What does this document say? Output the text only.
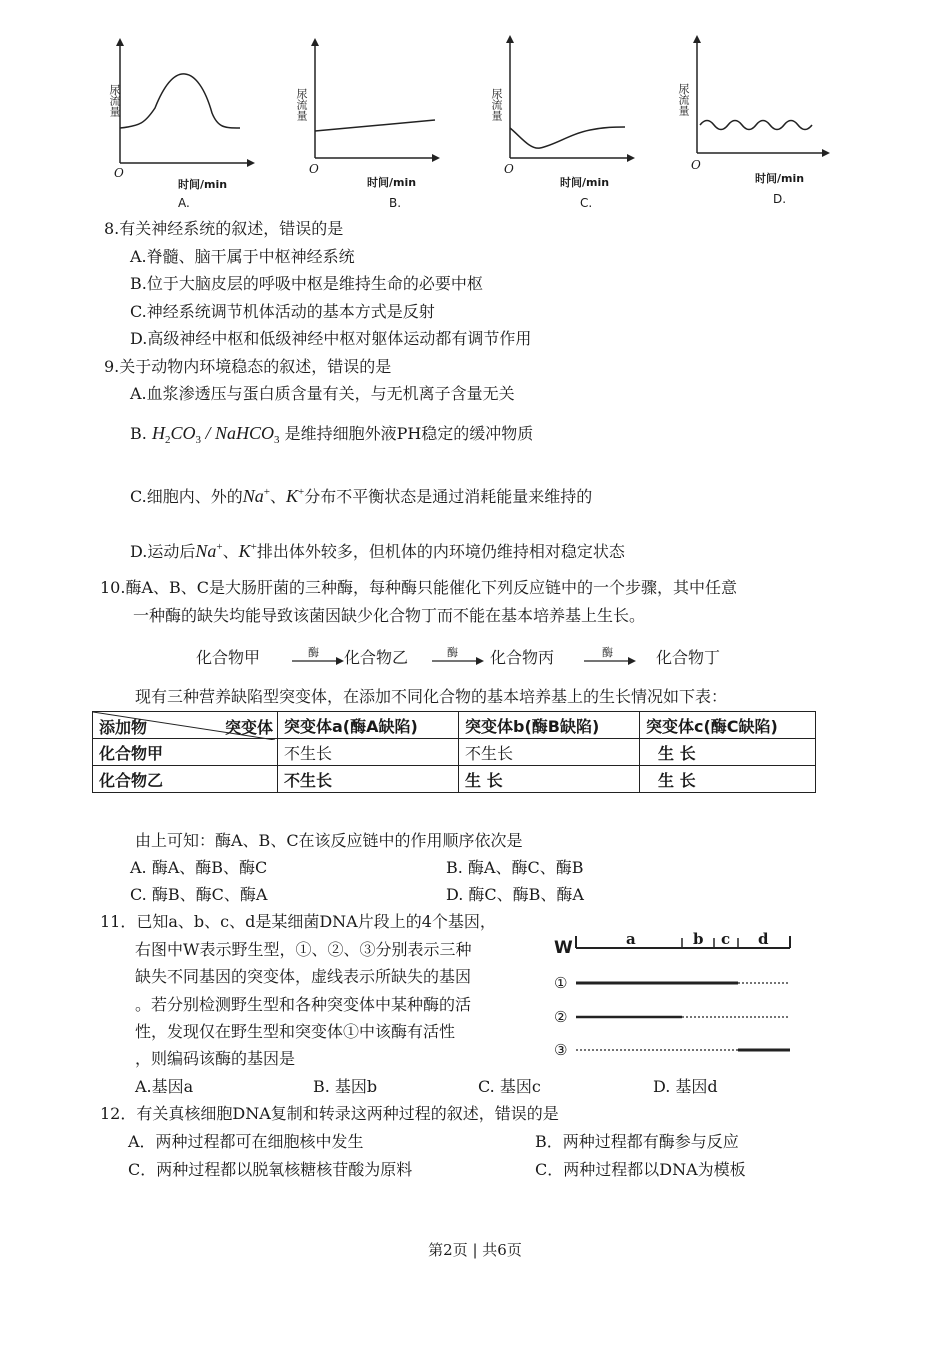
尿流量
O
时间/min
A.
尿流量
O
时间/min
B.
尿流量
O
时间/min
C.
尿流量
O
时间/min
D.
8.有关神经系统的叙述，错误的是
A.脊髓、脑干属于中枢神经系统
B.位于大脑皮层的呼吸中枢是维持生命的必要中枢
C.神经系统调节机体活动的基本方式是反射
D.高级神经中枢和低级神经中枢对躯体运动都有调节作用
9.关于动物内环境稳态的叙述，错误的是
A.血浆渗透压与蛋白质含量有关，与无机离子含量无关
B. $H_2CO_3$ / NaHCO$_3$ 是维持细胞外液PH稳定的缓冲物质
C.细胞内、外的Na+、K+分布不平衡状态是通过消耗能量来维持的
D.运动后Na+、K+排出体外较多，但机体的内环境仍维持相对稳定状态
10.酶A、B、C是大肠肝菌的三种酶，每种酶只能催化下列反应链中的一个步骤，其中任意
一种酶的缺失均能导致该菌因缺少化合物丁而不能在基本培养基上生长。
化合物甲	化合物乙	化合物丙	化合物丁
酶	酶	酶
现有三种营养缺陷型突变体，在添加不同化合物的基本培养基上的生长情况如下表：
添加物 突变体	突变体a(酶A缺陷)	突变体b(酶B缺陷)	突变体c(酶C缺陷)
化合物甲	不生长	不生长	生 长
化合物乙	不生长	生 长	生 长
由上可知：酶A、B、C在该反应链中的作用顺序依次是
A. 酶A、酶B、酶C	B. 酶A、酶C、酶B
C. 酶B、酶C、酶A	D. 酶C、酶B、酶A
11．已知a、b、c、d是某细菌DNA片段上的4个基因，
右图中W表示野生型，①、②、③分别表示三种
缺失不同基因的突变体，虚线表示所缺失的基因
。若分别检测野生型和各种突变体中某种酶的活
性，发现仅在野生型和突变体①中该酶有活性
，则编码该酶的基因是
W	a	b c d
①
②
③
A.基因a	B. 基因b	C. 基因c	D. 基因d
12．有关真核细胞DNA复制和转录这两种过程的叙述，错误的是
A．两种过程都可在细胞核中发生	B．两种过程都有酶参与反应
C．两种过程都以脱氧核糖核苷酸为原料	C．两种过程都以DNA为模板
第2页 | 共6页
